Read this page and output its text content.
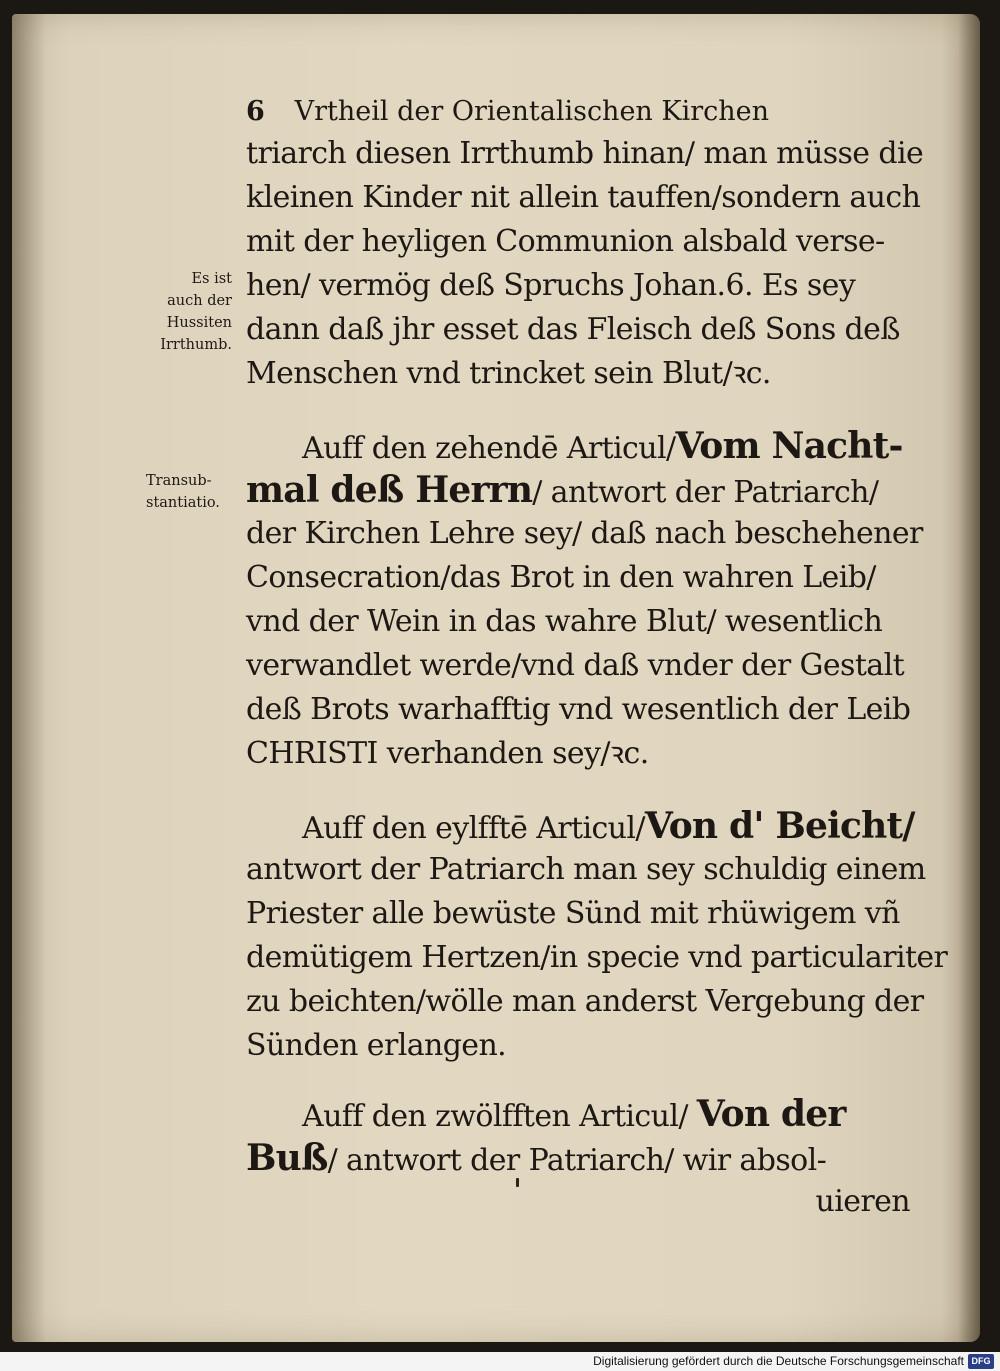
6 Vrtheil der Orientalischen Kirchen
Es ist
auch der
Hussiten
Irrthumb.
Transub-
stantiatio.
triarch diesen Irrthumb hinan/ man müsse die
kleinen Kinder nit allein tauffen/sondern auch
mit der heyligen Communion alsbald verse-
hen/ vermög deß Spruchs Johan.6. Es sey
dann daß jhr esset das Fleisch deß Sons deß
Menschen vnd trincket sein Blut/ꝛc.
Auff den zehendē Articul/Vom Nacht-
mal deß Herrn/ antwort der Patriarch/
der Kirchen Lehre sey/ daß nach beschehener
Consecration/das Brot in den wahren Leib/
vnd der Wein in das wahre Blut/ wesentlich
verwandlet werde/vnd daß vnder der Gestalt
deß Brots warhafftig vnd wesentlich der Leib
CHRISTI verhanden sey/ꝛc.
Auff den eylfftē Articul/Von d' Beicht/
antwort der Patriarch man sey schuldig einem
Priester alle bewüste Sünd mit rhüwigem vñ
demütigem Hertzen/in specie vnd particulariter
zu beichten/wölle man anderst Vergebung der
Sünden erlangen.
Auff den zwölfften Articul/ Von der
Buß/ antwort der Patriarch/ wir absol-
uieren
Digitalisierung gefördert durch die Deutsche Forschungsgemeinschaft DFG
